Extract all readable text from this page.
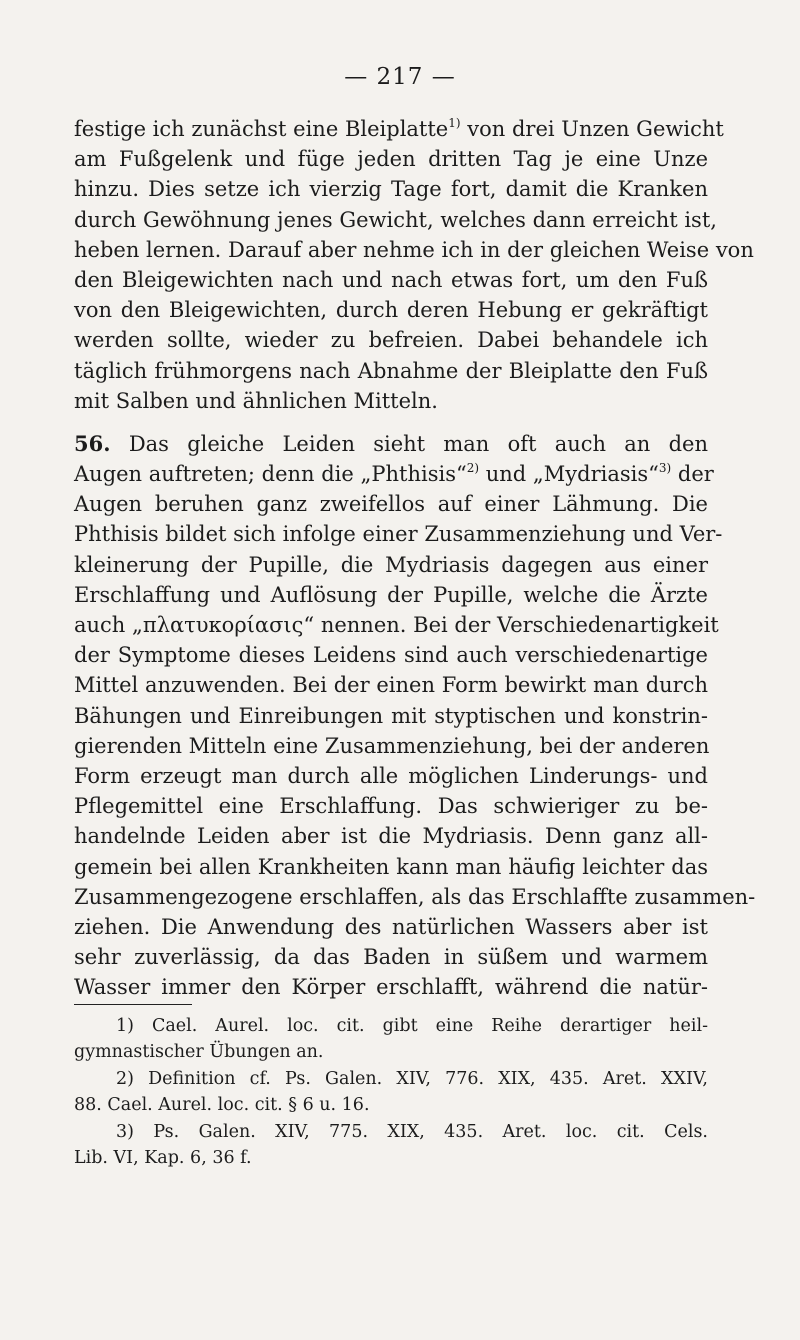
— 217 —
festige ich zunächst eine Bleiplatte$^{1)}$ von drei Unzen Gewicht
am Fußgelenk und füge jeden dritten Tag je eine Unze
hinzu. Dies setze ich vierzig Tage fort, damit die Kranken
durch Gewöhnung jenes Gewicht, welches dann erreicht ist,
heben lernen. Darauf aber nehme ich in der gleichen Weise von
den Bleigewichten nach und nach etwas fort, um den Fuß
von den Bleigewichten, durch deren Hebung er gekräftigt
werden sollte, wieder zu befreien. Dabei behandele ich
täglich frühmorgens nach Abnahme der Bleiplatte den Fuß
mit Salben und ähnlichen Mitteln.
56. Das gleiche Leiden sieht man oft auch an den
Augen auftreten; denn die „Phthisis“$^{2)}$ und „Mydriasis“$^{3)}$ der
Augen beruhen ganz zweifellos auf einer Lähmung. Die
Phthisis bildet sich infolge einer Zusammenziehung und Ver-
kleinerung der Pupille, die Mydriasis dagegen aus einer
Erschlaffung und Auflösung der Pupille, welche die Ärzte
auch „πλατυκορίασις“ nennen. Bei der Verschiedenartigkeit
der Symptome dieses Leidens sind auch verschiedenartige
Mittel anzuwenden. Bei der einen Form bewirkt man durch
Bähungen und Einreibungen mit styptischen und konstrin-
gierenden Mitteln eine Zusammenziehung, bei der anderen
Form erzeugt man durch alle möglichen Linderungs- und
Pflegemittel eine Erschlaffung. Das schwieriger zu be-
handelnde Leiden aber ist die Mydriasis. Denn ganz all-
gemein bei allen Krankheiten kann man häufig leichter das
Zusammengezogene erschlaffen, als das Erschlaffte zusammen-
ziehen. Die Anwendung des natürlichen Wassers aber ist
sehr zuverlässig, da das Baden in süßem und warmem
Wasser immer den Körper erschlafft, während die natür-
1) Cael. Aurel. loc. cit. gibt eine Reihe derartiger heil-
gymnastischer Übungen an.
2) Definition cf. Ps. Galen. XIV, 776. XIX, 435. Aret. XXIV,
88. Cael. Aurel. loc. cit. § 6 u. 16.
3) Ps. Galen. XIV, 775. XIX, 435. Aret. loc. cit. Cels.
Lib. VI, Kap. 6, 36 f.
